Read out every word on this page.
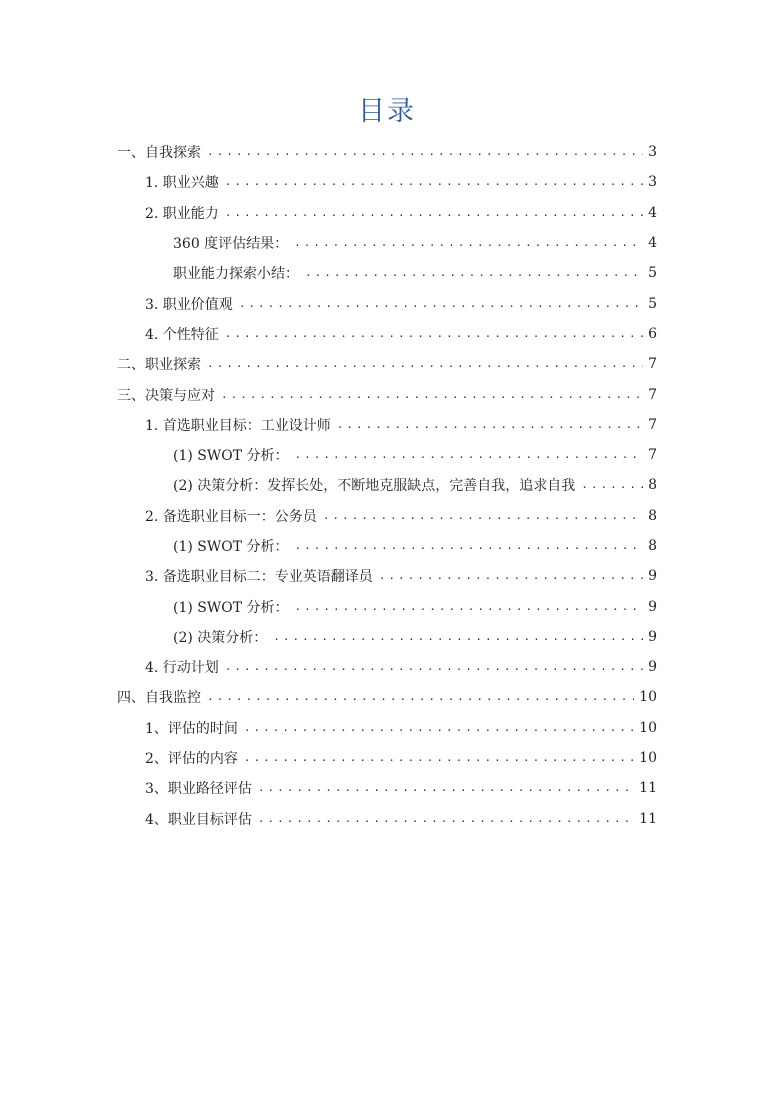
目录
一、自我探索 .....	3
1. 职业兴趣 .....	3
2. 职业能力 .....	4
360 度评估结果： .....	4
职业能力探索小结： .....	5
3. 职业价值观 .....	5
4. 个性特征 .....	6
二、职业探索 .....	7
三、决策与应对 .....	7
1. 首选职业目标：工业设计师 .....	7
(1) SWOT 分析： .....	7
(2) 决策分析：发挥长处，不断地克服缺点，完善自我，追求自我 .....	8
2. 备选职业目标一：公务员 .....	8
(1) SWOT 分析： .....	8
3. 备选职业目标二：专业英语翻译员 .....	9
(1) SWOT 分析： .....	9
(2) 决策分析： .....	9
4. 行动计划 .....	9
四、自我监控 .....	10
1、评估的时间 .....	10
2、评估的内容 .....	10
3、职业路径评估 .....	11
4、职业目标评估 .....	11
